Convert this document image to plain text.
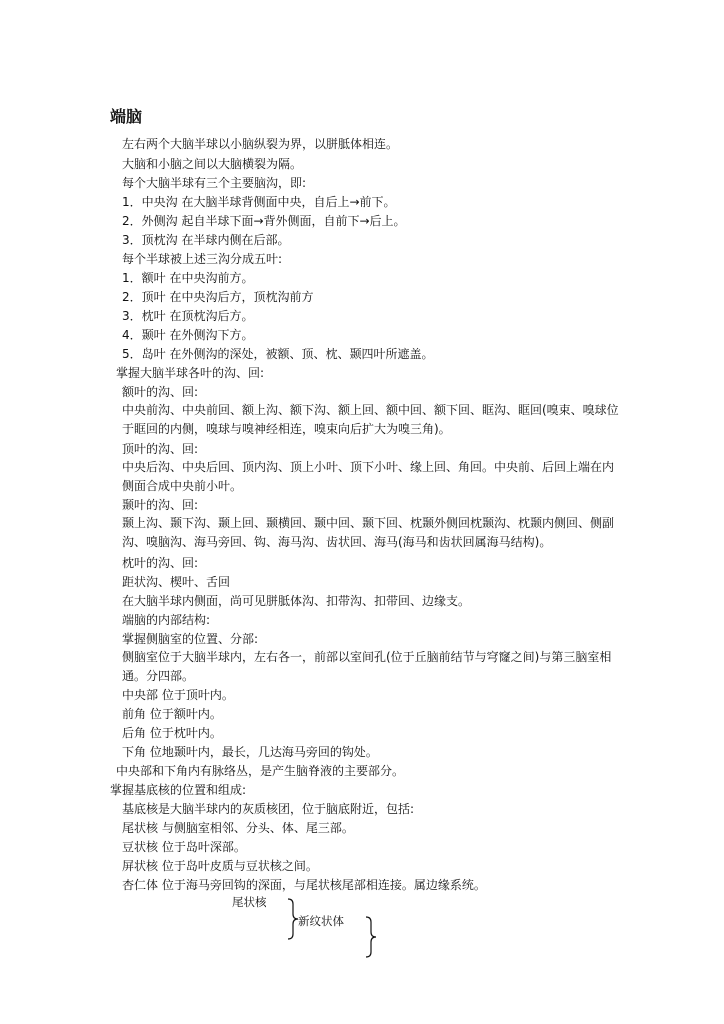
端脑
左右两个大脑半球以小脑纵裂为界，以胼胝体相连。
大脑和小脑之间以大脑横裂为隔。
每个大脑半球有三个主要脑沟，即:
1．中央沟 在大脑半球背侧面中央，自后上→前下。
2．外侧沟 起自半球下面→背外侧面，自前下→后上。
3．顶枕沟 在半球内侧在后部。
每个半球被上述三沟分成五叶:
1．额叶 在中央沟前方。
2．顶叶 在中央沟后方，顶枕沟前方
3．枕叶 在顶枕沟后方。
4．颞叶 在外侧沟下方。
5．岛叶 在外侧沟的深处，被额、顶、枕、颞四叶所遮盖。
掌握大脑半球各叶的沟、回:
额叶的沟、回:
中央前沟、中央前回、额上沟、额下沟、额上回、额中回、额下回、眶沟、眶回(嗅束、嗅球位于眶回的内侧，嗅球与嗅神经相连，嗅束向后扩大为嗅三角)。
顶叶的沟、回:
中央后沟、中央后回、顶内沟、顶上小叶、顶下小叶、缘上回、角回。中央前、后回上端在内侧面合成中央前小叶。
颞叶的沟、回:
颞上沟、颞下沟、颞上回、颞横回、颞中回、颞下回、枕颞外侧回枕颞沟、枕颞内侧回、侧副沟、嗅脑沟、海马旁回、钩、海马沟、齿状回、海马(海马和齿状回属海马结构)。
枕叶的沟、回:
距状沟、楔叶、舌回
在大脑半球内侧面，尚可见胼胝体沟、扣带沟、扣带回、边缘支。
端脑的内部结构:
掌握侧脑室的位置、分部:
侧脑室位于大脑半球内，左右各一，前部以室间孔(位于丘脑前结节与穹窿之间)与第三脑室相通。分四部。
中央部 位于顶叶内。
前角 位于额叶内。
后角 位于枕叶内。
下角 位地颞叶内，最长，几达海马旁回的钩处。
中央部和下角内有脉络丛，是产生脑脊液的主要部分。
掌握基底核的位置和组成:
基底核是大脑半球内的灰质核团，位于脑底附近，包括:
尾状核 与侧脑室相邻、分头、体、尾三部。
豆状核 位于岛叶深部。
屏状核 位于岛叶皮质与豆状核之间。
杏仁体 位于海马旁回钩的深面，与尾状核尾部相连接。属边缘系统。
尾状核
新纹状体
